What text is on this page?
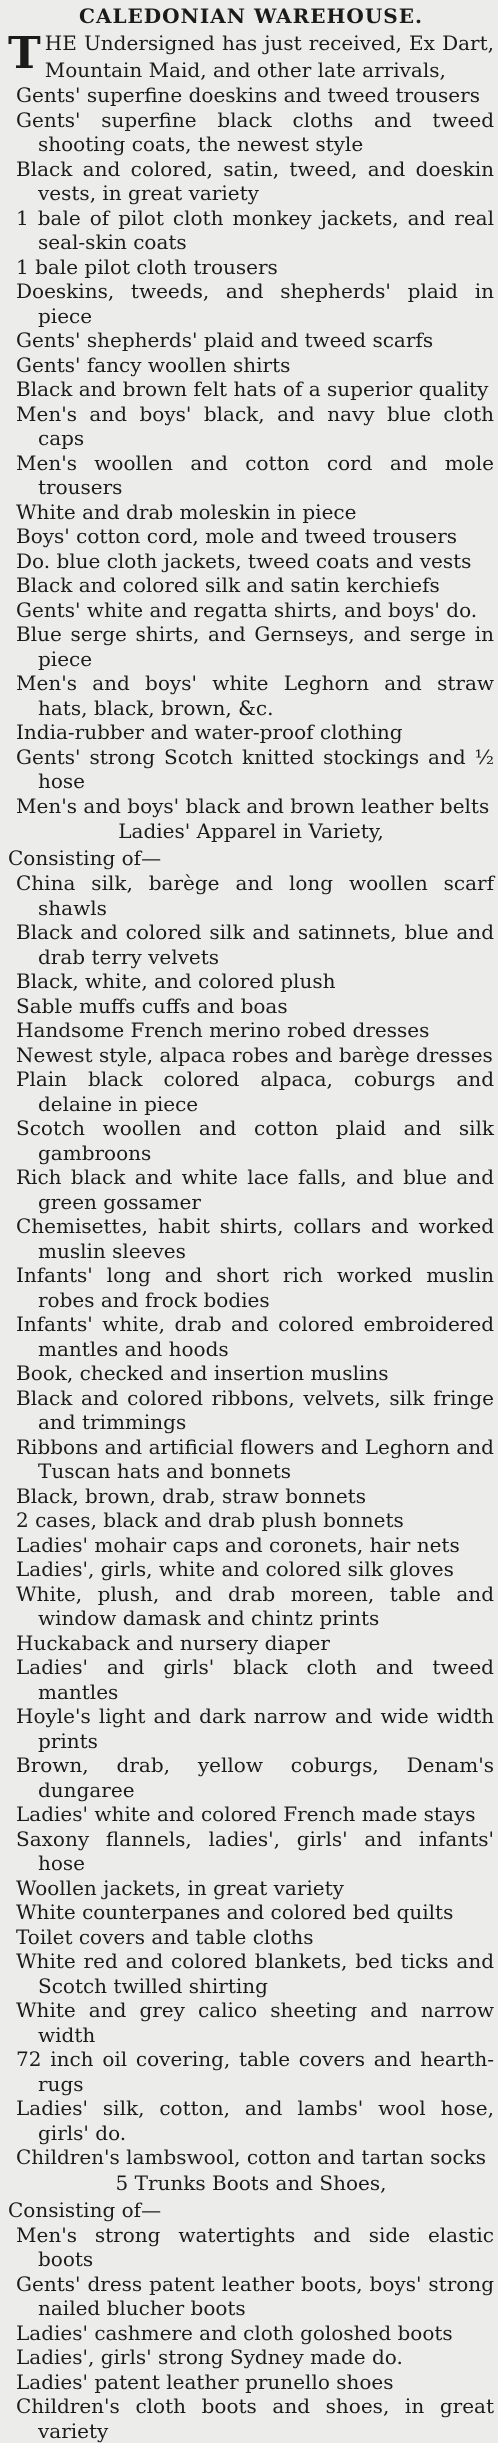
CALEDONIAN WAREHOUSE.

THE Undersigned has just received, Ex Dart, Mountain Maid, and other late arrivals,

Gents' superfine doeskins and tweed trousers
Gents' superfine black cloths and tweed shooting coats, the newest style
Black and colored, satin, tweed, and doeskin vests, in great variety
1 bale of pilot cloth monkey jackets, and real seal-skin coats
1 bale pilot cloth trousers
Doeskins, tweeds, and shepherds' plaid in piece
Gents' shepherds' plaid and tweed scarfs
Gents' fancy woollen shirts
Black and brown felt hats of a superior quality
Men's and boys' black, and navy blue cloth caps
Men's woollen and cotton cord and mole trousers
White and drab moleskin in piece
Boys' cotton cord, mole and tweed trousers
Do. blue cloth jackets, tweed coats and vests
Black and colored silk and satin kerchiefs
Gents' white and regatta shirts, and boys' do.
Blue serge shirts, and Gernseys, and serge in piece
Men's and boys' white Leghorn and straw hats, black, brown, &c.
India-rubber and water-proof clothing
Gents' strong Scotch knitted stockings and ½ hose
Men's and boys' black and brown leather belts

Ladies' Apparel in Variety,

Consisting of—

China silk, barège and long woollen scarf shawls
Black and colored silk and satinnets, blue and drab terry velvets
Black, white, and colored plush
Sable muffs cuffs and boas
Handsome French merino robed dresses
Newest style, alpaca robes and barège dresses
Plain black colored alpaca, coburgs and delaine in piece
Scotch woollen and cotton plaid and silk gambroons
Rich black and white lace falls, and blue and green gossamer
Chemisettes, habit shirts, collars and worked muslin sleeves
Infants' long and short rich worked muslin robes and frock bodies
Infants' white, drab and colored embroidered mantles and hoods
Book, checked and insertion muslins
Black and colored ribbons, velvets, silk fringe and trimmings
Ribbons and artificial flowers and Leghorn and Tuscan hats and bonnets
Black, brown, drab, straw bonnets
2 cases, black and drab plush bonnets
Ladies' mohair caps and coronets, hair nets
Ladies', girls, white and colored silk gloves
White, plush, and drab moreen, table and window damask and chintz prints
Huckaback and nursery diaper
Ladies' and girls' black cloth and tweed mantles
Hoyle's light and dark narrow and wide width prints
Brown, drab, yellow coburgs, Denam's dungaree
Ladies' white and colored French made stays
Saxony flannels, ladies', girls' and infants' hose
Woollen jackets, in great variety
White counterpanes and colored bed quilts
Toilet covers and table cloths
White red and colored blankets, bed ticks and Scotch twilled shirting
White and grey calico sheeting and narrow width
72 inch oil covering, table covers and hearth-rugs
Ladies' silk, cotton, and lambs' wool hose, girls' do.
Children's lambswool, cotton and tartan socks

5 Trunks Boots and Shoes,

Consisting of—

Men's strong watertights and side elastic boots
Gents' dress patent leather boots, boys' strong nailed blucher boots
Ladies' cashmere and cloth goloshed boots
Ladies', girls' strong Sydney made do.
Ladies' patent leather prunello shoes
Children's cloth boots and shoes, in great variety
